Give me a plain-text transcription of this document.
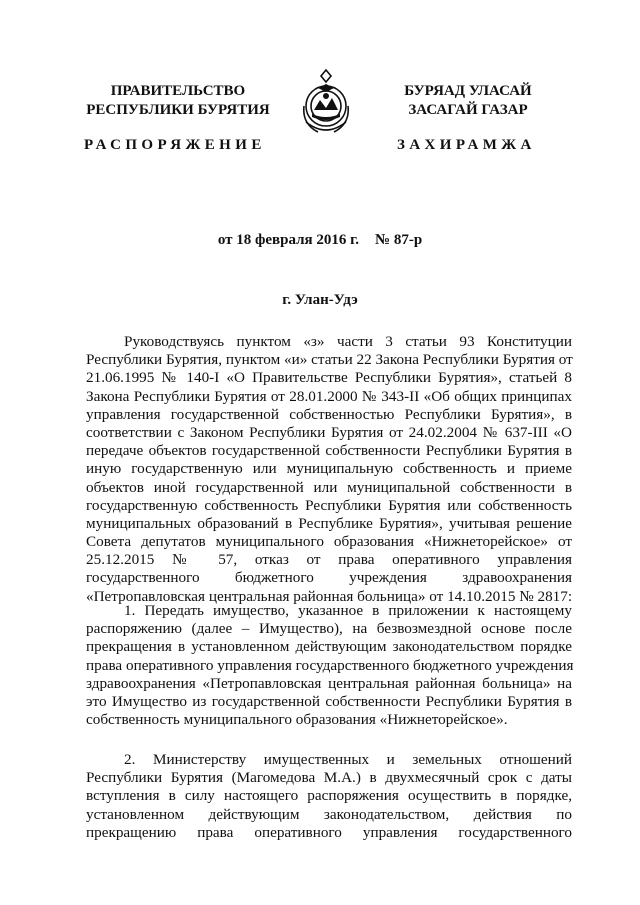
ПРАВИТЕЛЬСТВО
РЕСПУБЛИКИ БУРЯТИЯ
БУРЯАД УЛАСАЙ
ЗАСАГАЙ ГАЗАР
РАСПОРЯЖЕНИЕ	ЗАХИРАМЖА
от 18 февраля 2016 г. № 87-р
г. Улан-Удэ
Руководствуясь пунктом «з» части 3 статьи 93 Конституции
Республики Бурятия, пунктом «и» статьи 22 Закона Республики Бурятия от
21.06.1995 № 140-I «О Правительстве Республики Бурятия», статьей 8
Закона Республики Бурятия от 28.01.2000 № 343-II «Об общих принципах
управления государственной собственностью Республики Бурятия», в
соответствии с Законом Республики Бурятия от 24.02.2004 № 637-III «О
передаче объектов государственной собственности Республики Бурятия в
иную государственную или муниципальную собственность и приеме
объектов иной государственной или муниципальной собственности в
государственную собственность Республики Бурятия или собственность
муниципальных образований в Республике Бурятия», учитывая решение
Совета депутатов муниципального образования «Нижнеторейское» от
25.12.2015 № 57, отказ от права оперативного управления
государственного бюджетного учреждения здравоохранения
«Петропавловская центральная районная больница» от 14.10.2015 № 2817:
1. Передать имущество, указанное в приложении к настоящему
распоряжению (далее – Имущество), на безвозмездной основе после
прекращения в установленном действующим законодательством порядке
права оперативного управления государственного бюджетного учреждения
здравоохранения «Петропавловская центральная районная больница» на
это Имущество из государственной собственности Республики Бурятия в
собственность муниципального образования «Нижнеторейское».
2. Министерству имущественных и земельных отношений
Республики Бурятия (Магомедова М.А.) в двухмесячный срок с даты
вступления в силу настоящего распоряжения осуществить в порядке,
установленном действующим законодательством, действия по
прекращению права оперативного управления государственного
